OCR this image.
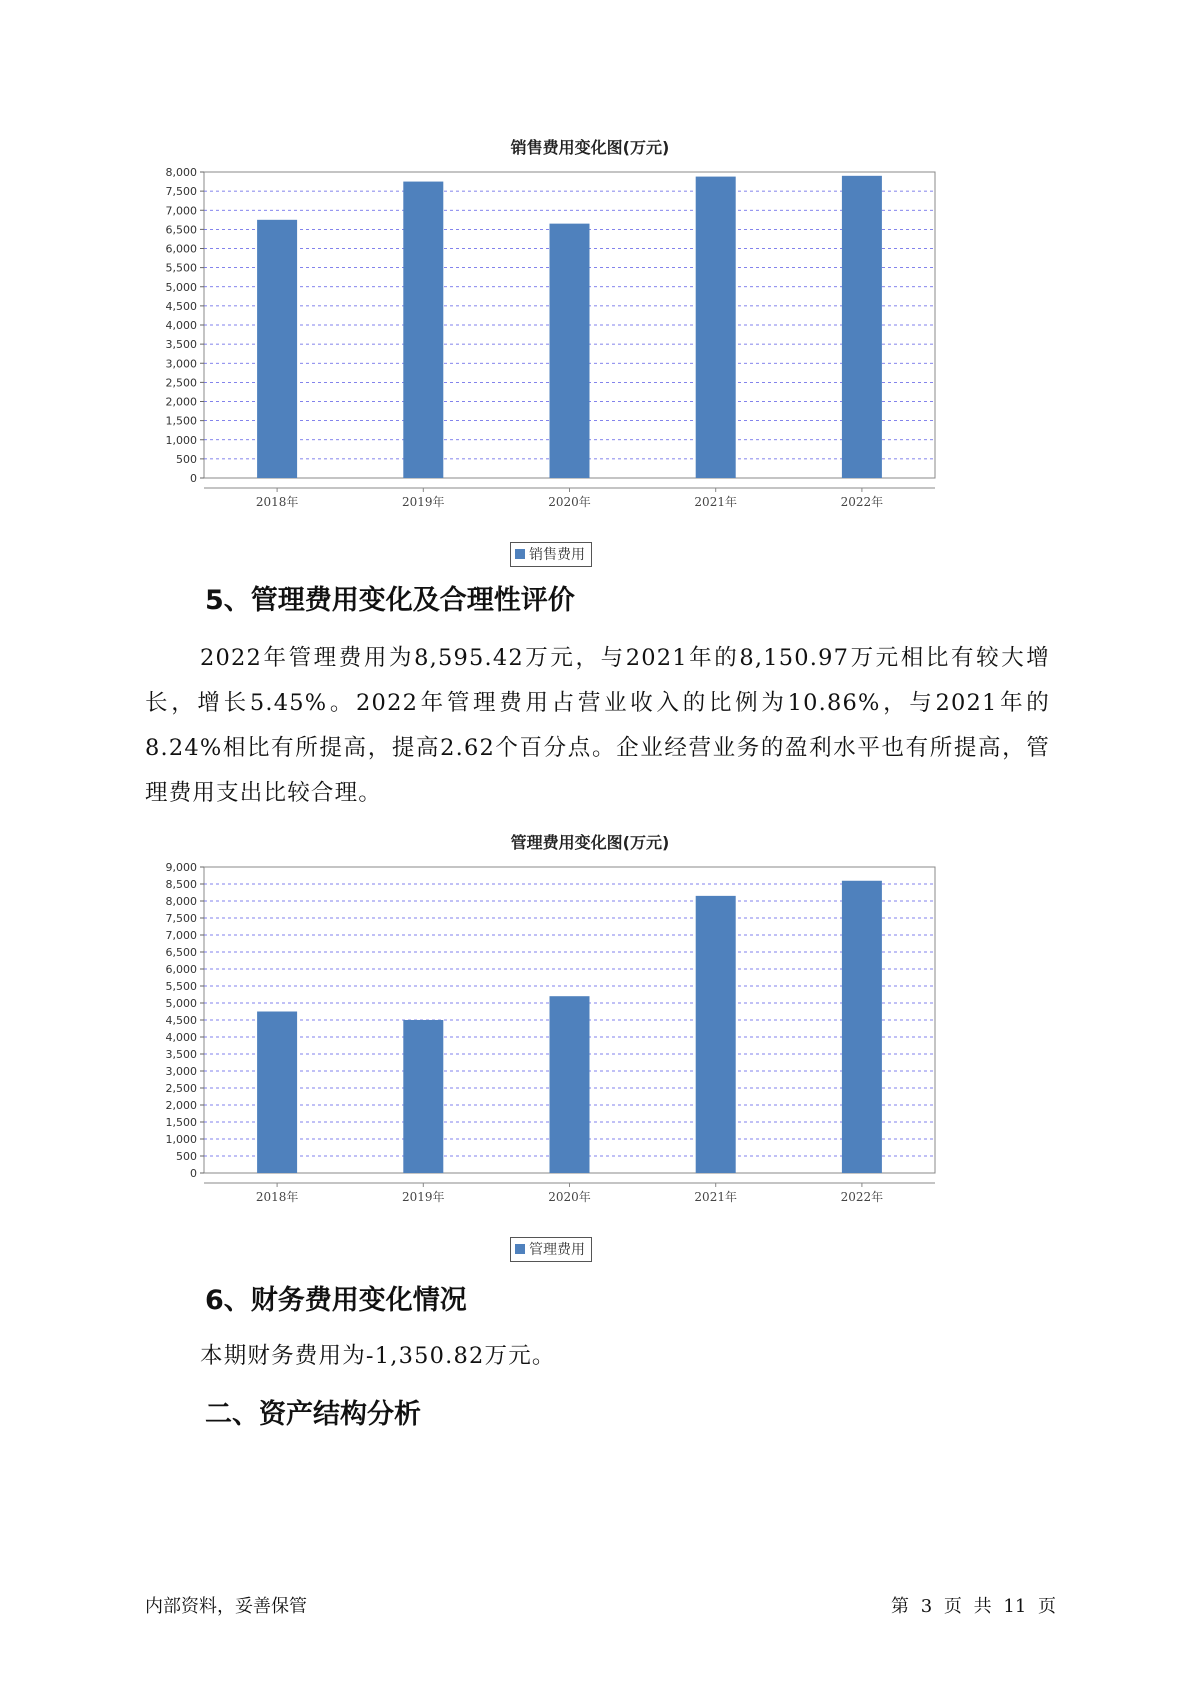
销售费用变化图(万元)
0
500
1,000
1,500
2,000
2,500
3,000
3,500
4,000
4,500
5,000
5,500
6,000
6,500
7,000
7,500
8,000
2018年	2019年	2020年	2021年	2022年
销售费用
5、管理费用变化及合理性评价

2022年管理费用为8,595.42万元，与2021年的8,150.97万元相比有较大增长，增长5.45%。2022年管理费用占营业收入的比例为10.86%，与2021年的8.24%相比有所提高，提高2.62个百分点。企业经营业务的盈利水平也有所提高，管理费用支出比较合理。

管理费用变化图(万元)
0
500
1,000
1,500
2,000
2,500
3,000
3,500
4,000
4,500
5,000
5,500
6,000
6,500
7,000
7,500
8,000
8,500
9,000
2018年	2019年	2020年	2021年	2022年
管理费用
6、财务费用变化情况

本期财务费用为-1,350.82万元。

二、资产结构分析
内部资料，妥善保管	第 3 页 共 11 页
